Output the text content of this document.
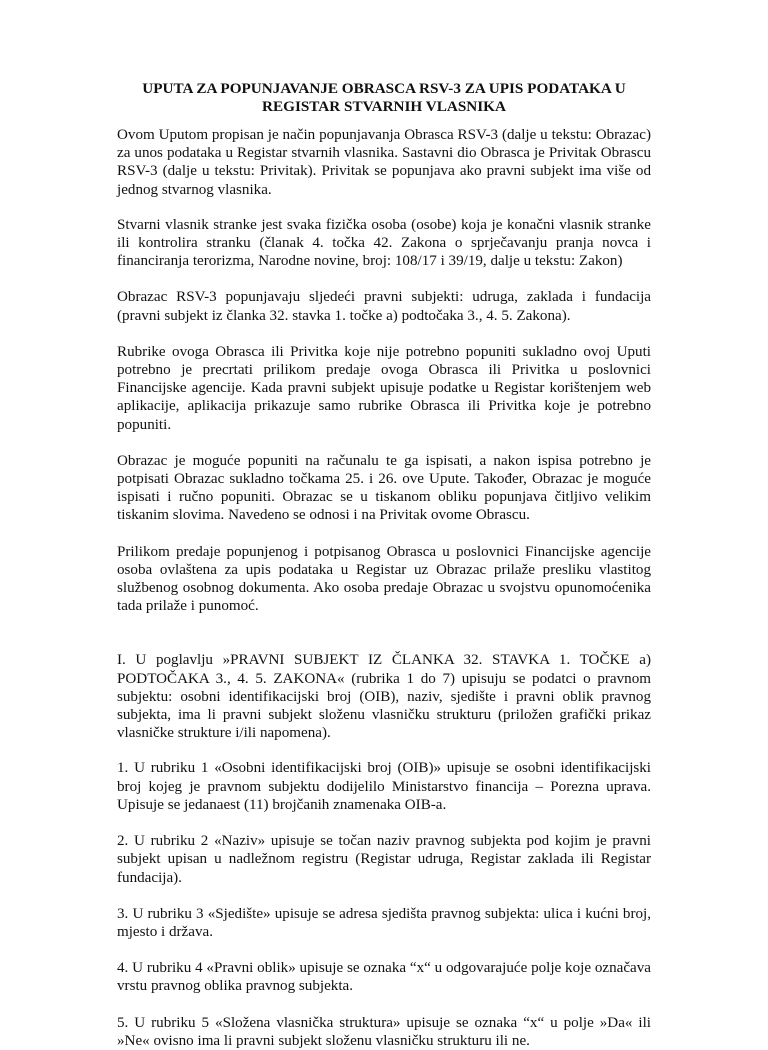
UPUTA ZA POPUNJAVANJE OBRASCA RSV-3 ZA UPIS PODATAKA U
REGISTAR STVARNIH VLASNIKA

Ovom Uputom propisan je način popunjavanja Obrasca RSV-3 (dalje u tekstu: Obrazac) za unos podataka u Registar stvarnih vlasnika. Sastavni dio Obrasca je Privitak Obrascu RSV-3 (dalje u tekstu: Privitak). Privitak se popunjava ako pravni subjekt ima više od jednog stvarnog vlasnika.

Stvarni vlasnik stranke jest svaka fizička osoba (osobe) koja je konačni vlasnik stranke ili kontrolira stranku (članak 4. točka 42. Zakona o sprječavanju pranja novca i financiranja terorizma, Narodne novine, broj: 108/17 i 39/19, dalje u tekstu: Zakon)

Obrazac RSV-3 popunjavaju sljedeći pravni subjekti: udruga, zaklada i fundacija (pravni subjekt iz članka 32. stavka 1. točke a) podtočaka 3., 4. 5. Zakona).

Rubrike ovoga Obrasca ili Privitka koje nije potrebno popuniti sukladno ovoj Uputi potrebno je precrtati prilikom predaje ovoga Obrasca ili Privitka u poslovnici Financijske agencije. Kada pravni subjekt upisuje podatke u Registar korištenjem web aplikacije, aplikacija prikazuje samo rubrike Obrasca ili Privitka koje je potrebno popuniti.

Obrazac je moguće popuniti na računalu te ga ispisati, a nakon ispisa potrebno je potpisati Obrazac sukladno točkama 25. i 26. ove Upute. Također, Obrazac je moguće ispisati i ručno popuniti. Obrazac se u tiskanom obliku popunjava čitljivo velikim tiskanim slovima. Navedeno se odnosi i na Privitak ovome Obrascu.

Prilikom predaje popunjenog i potpisanog Obrasca u poslovnici Financijske agencije osoba ovlaštena za upis podataka u Registar uz Obrazac prilaže presliku vlastitog službenog osobnog dokumenta. Ako osoba predaje Obrazac u svojstvu opunomoćenika tada prilaže i punomoć.

I. U poglavlju »PRAVNI SUBJEKT IZ ČLANKA 32. STAVKA 1. TOČKE a) PODTOČAKA 3., 4. 5. ZAKONA« (rubrika 1 do 7) upisuju se podatci o pravnom subjektu: osobni identifikacijski broj (OIB), naziv, sjedište i pravni oblik pravnog subjekta, ima li pravni subjekt složenu vlasničku strukturu (priložen grafički prikaz vlasničke strukture i/ili napomena).

1. U rubriku 1 «Osobni identifikacijski broj (OIB)» upisuje se osobni identifikacijski broj kojeg je pravnom subjektu dodijelilo Ministarstvo financija – Porezna uprava. Upisuje se jedanaest (11) brojčanih znamenaka OIB-a.

2. U rubriku 2 «Naziv» upisuje se točan naziv pravnog subjekta pod kojim je pravni subjekt upisan u nadležnom registru (Registar udruga, Registar zaklada ili Registar fundacija).

3. U rubriku 3 «Sjedište» upisuje se adresa sjedišta pravnog subjekta: ulica i kućni broj, mjesto i država.

4. U rubriku 4 «Pravni oblik» upisuje se oznaka “x“ u odgovarajuće polje koje označava vrstu pravnog oblika pravnog subjekta.

5. U rubriku 5 «Složena vlasnička struktura» upisuje se oznaka “x“ u polje »Da« ili »Ne« ovisno ima li pravni subjekt složenu vlasničku strukturu ili ne.
